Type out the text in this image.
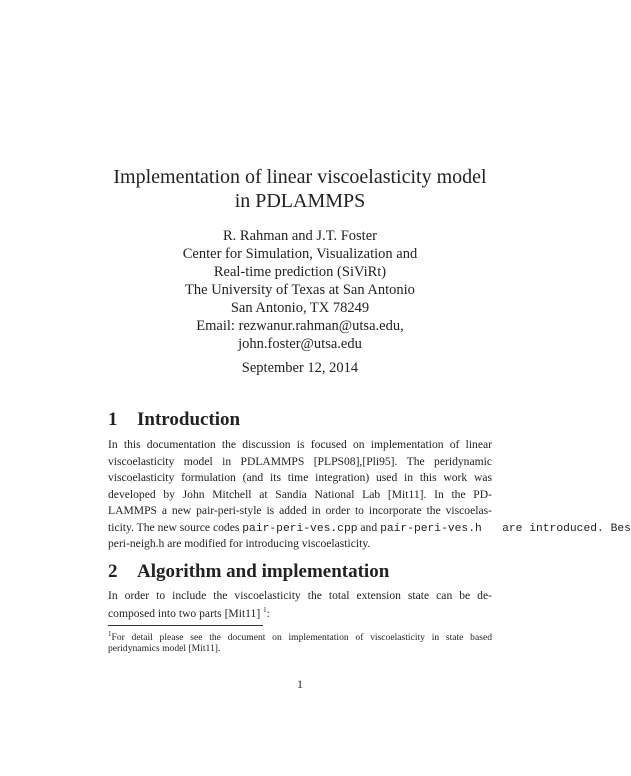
Implementation of linear viscoelasticity model
in PDLAMMPS
R. Rahman and J.T. Foster
Center for Simulation, Visualization and
Real-time prediction (SiViRt)
The University of Texas at San Antonio
San Antonio, TX 78249
Email: rezwanur.rahman@utsa.edu,
john.foster@utsa.edu
September 12, 2014
1 Introduction
In this documentation the discussion is focused on implementation of linear
viscoelasticity model in PDLAMMPS [PLPS08],[Pli95]. The peridynamic
viscoelasticity formulation (and its time integration) used in this work was
developed by John Mitchell at Sandia National Lab [Mit11]. In the PD-
LAMMPS a new pair-peri-style is added in order to incorporate the viscoelas-
ticity. The new source codes pair-peri-ves.cpp and pair-peri-ves.h   are introduced. Bes
peri-neigh.h are modified for introducing viscoelasticity.
2 Algorithm and implementation
In order to include the viscoelasticity the total extension state can be de-
composed into two parts [Mit11] $^1$:
$^1$For detail please see the document on implementation of viscoelasticity in state based
peridynamics model [Mit11].
1
